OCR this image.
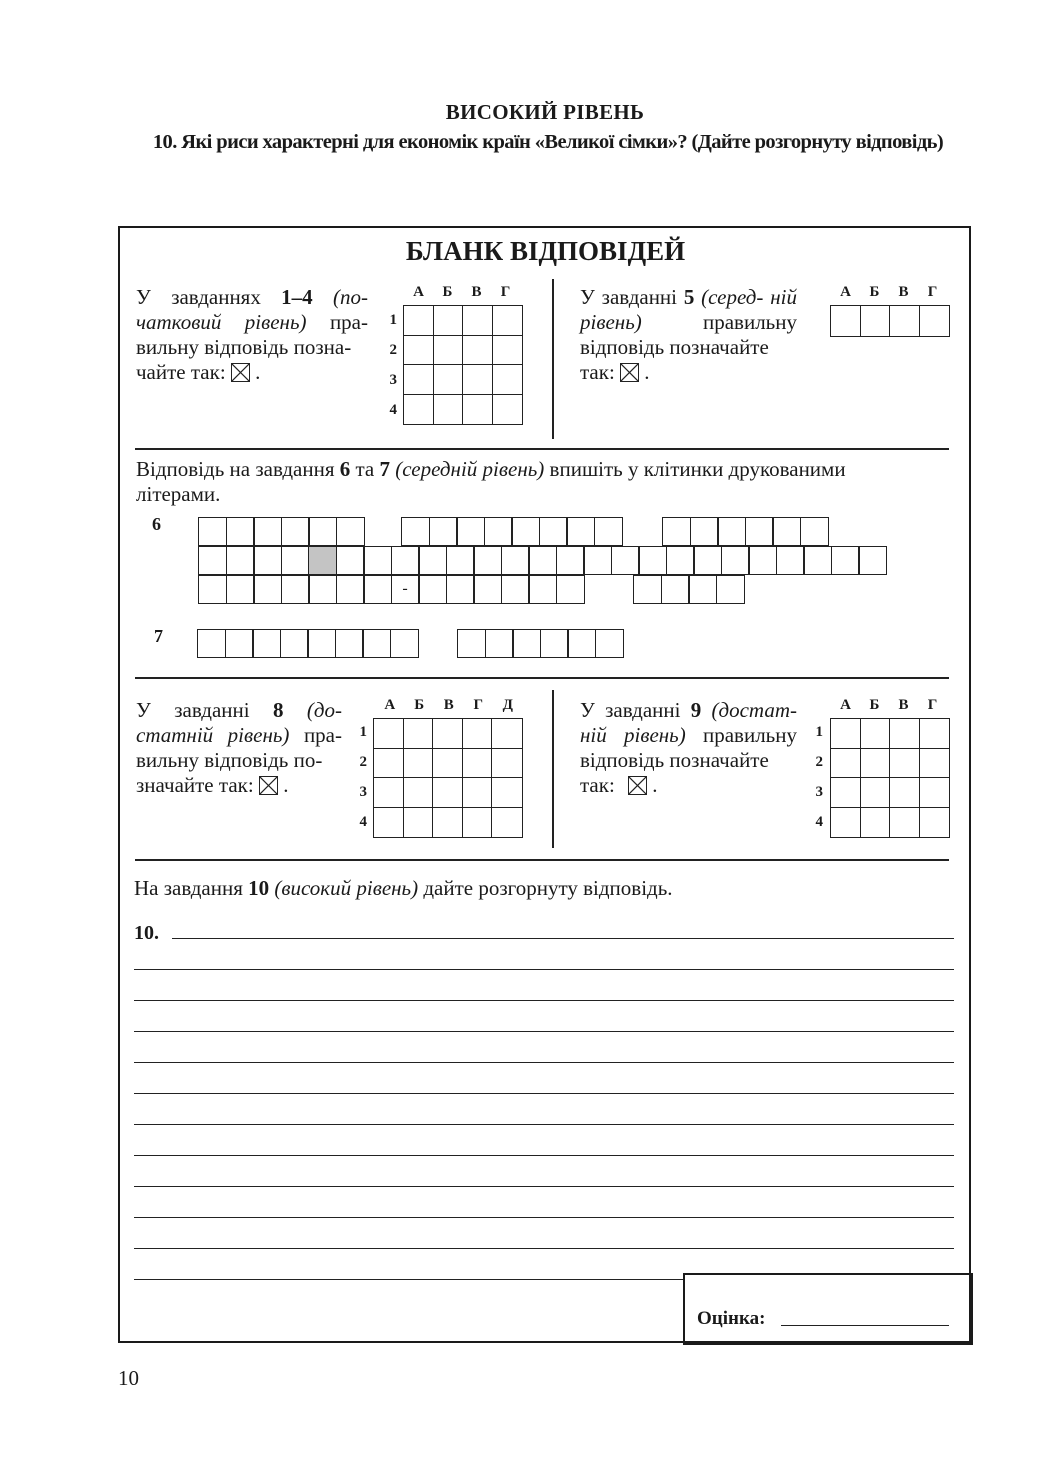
ВИСОКИЙ РІВЕНЬ
10. Які риси характерні для економік країн «Великої сімки»? (Дайте розгорнуту відповідь)
БЛАНК ВІДПОВІДЕЙ
У завданнях 1–4 (по- чатковий рівень) пра- вильну відповідь позна-
чайте так: ☒ .
А	Б	В	Г
1
2
3
4
У завданні 5 (серед- ній рівень) правильну відповідь позначайте
так: ☒ .
А	Б	В	Г
Відповідь на завдання 6 та 7 (середній рівень) впишіть у клітинки друкованими
літерами.
6
7
-
У завданні 8 (до- статній рівень) пра- вильну відповідь по-
значайте так: ☒ .
А	Б	В	Г	Д
1
2
3
4
У завданні 9 (достат- ній рівень) правильну відповідь позначайте
так: ☒ .
А	Б	В	Г
1
2
3
4
На завдання 10 (високий рівень) дайте розгорнуту відповідь.
10.
Оцінка:
10
